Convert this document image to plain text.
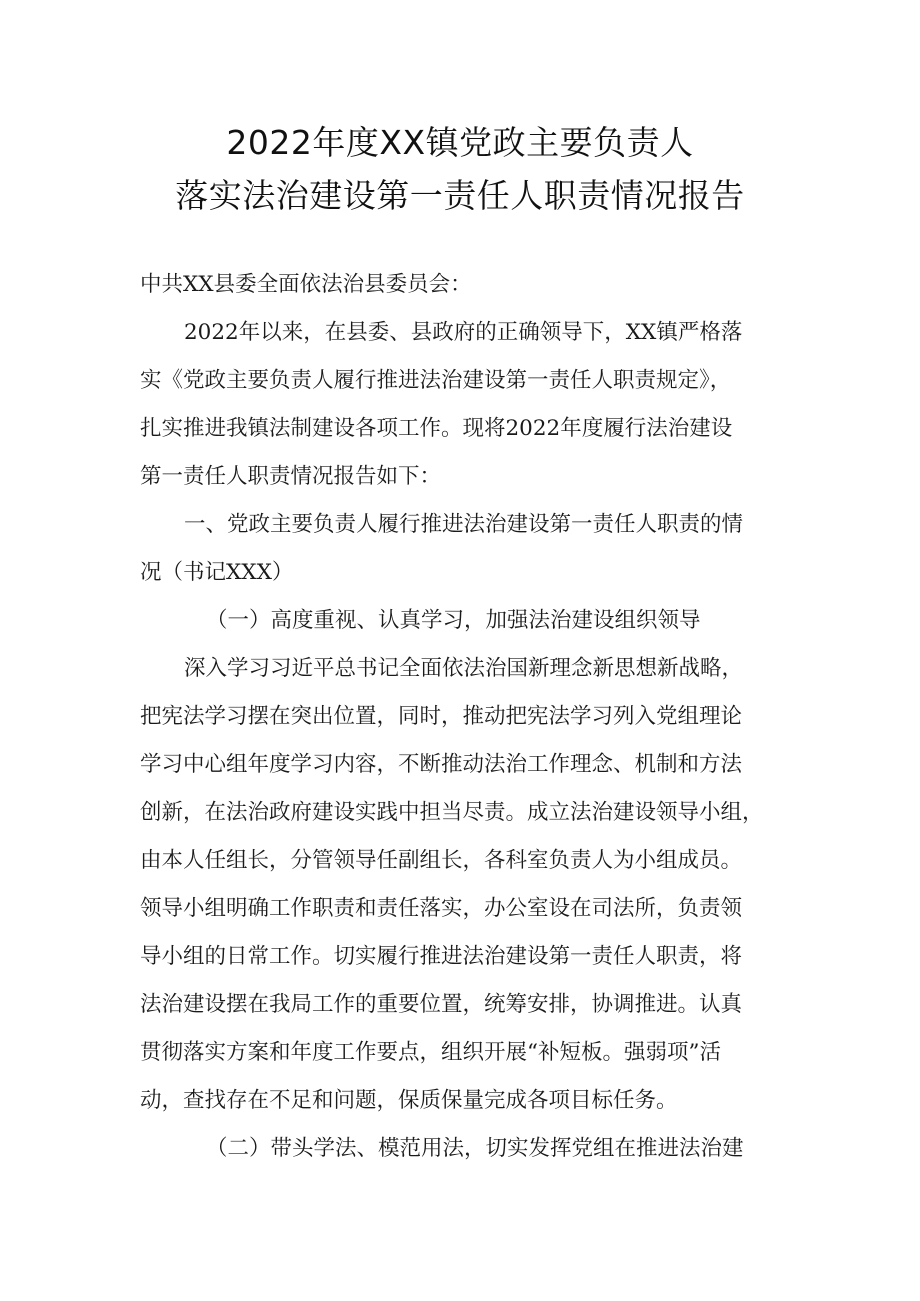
2022年度XX镇党政主要负责人
落实法治建设第一责任人职责情况报告
中共XX县委全面依法治县委员会：
2022年以来，在县委、县政府的正确领导下，XX镇严格落
实《党政主要负责人履行推进法治建设第一责任人职责规定》，
扎实推进我镇法制建设各项工作。现将2022年度履行法治建设
第一责任人职责情况报告如下：
一、党政主要负责人履行推进法治建设第一责任人职责的情
况（书记XXX）
（一）高度重视、认真学习，加强法治建设组织领导
深入学习习近平总书记全面依法治国新理念新思想新战略，
把宪法学习摆在突出位置，同时，推动把宪法学习列入党组理论
学习中心组年度学习内容，不断推动法治工作理念、机制和方法
创新，在法治政府建设实践中担当尽责。成立法治建设领导小组，
由本人任组长，分管领导任副组长，各科室负责人为小组成员。
领导小组明确工作职责和责任落实，办公室设在司法所，负责领
导小组的日常工作。切实履行推进法治建设第一责任人职责，将
法治建设摆在我局工作的重要位置，统筹安排，协调推进。认真
贯彻落实方案和年度工作要点，组织开展“补短板。强弱项”活
动，查找存在不足和问题，保质保量完成各项目标任务。
（二）带头学法、模范用法，切实发挥党组在推进法治建
